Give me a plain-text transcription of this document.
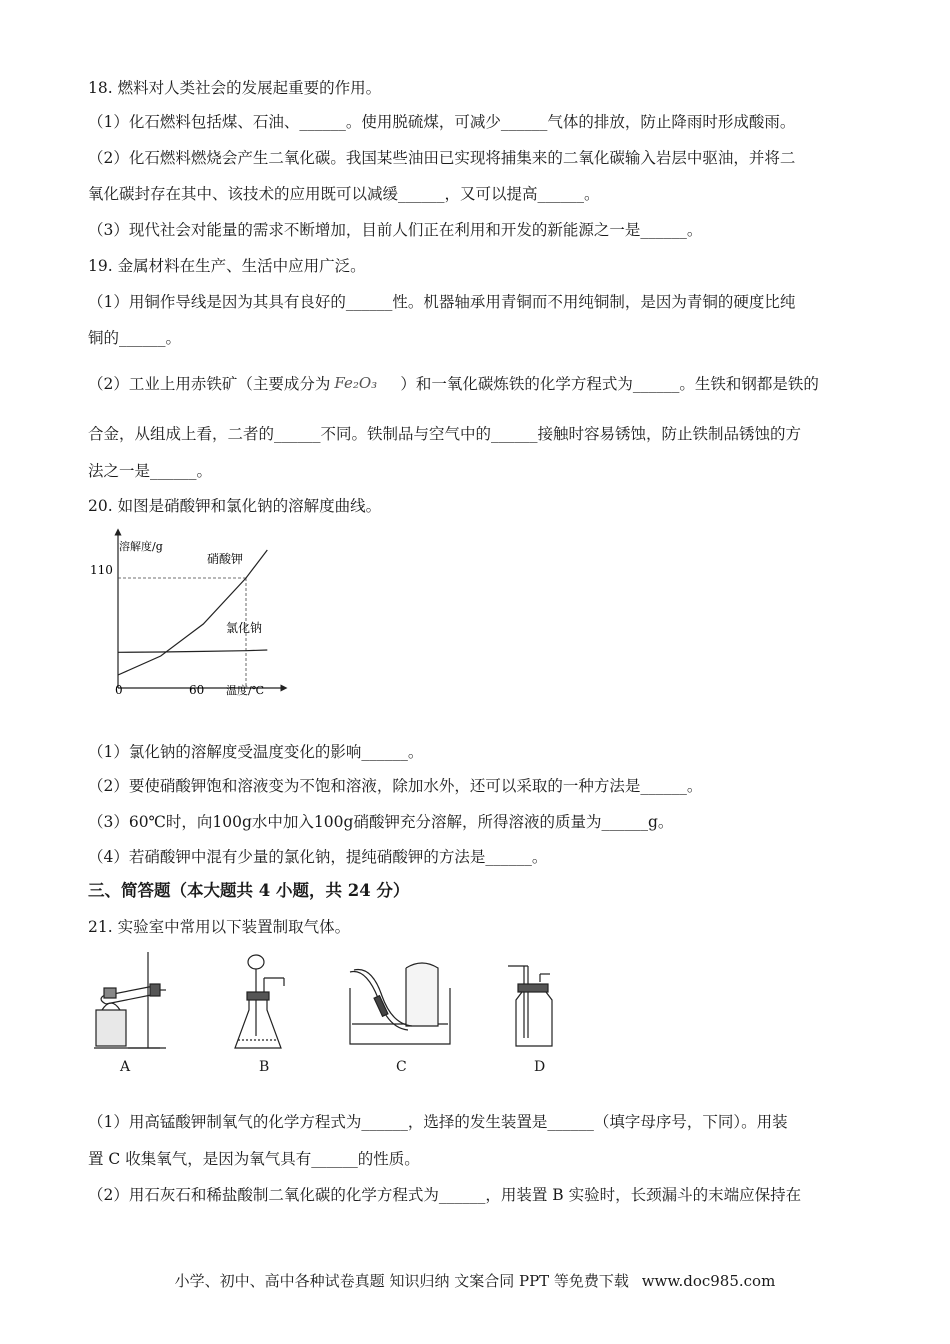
18. 燃料对人类社会的发展起重要的作用。
（1）化石燃料包括煤、石油、______。使用脱硫煤，可减少______气体的排放，防止降雨时形成酸雨。
（2）化石燃料燃烧会产生二氧化碳。我国某些油田已实现将捕集来的二氧化碳输入岩层中驱油，并将二
氧化碳封存在其中、该技术的应用既可以减缓______，又可以提高______。
（3）现代社会对能量的需求不断增加，目前人们正在利用和开发的新能源之一是______。
19. 金属材料在生产、生活中应用广泛。
（1）用铜作导线是因为其具有良好的______性。机器轴承用青铜而不用纯铜制，是因为青铜的硬度比纯
铜的______。
（2）工业上用赤铁矿（主要成分为 Fe₂O₃ ）和一氧化碳炼铁的化学方程式为______。生铁和钢都是铁的
合金，从组成上看，二者的______不同。铁制品与空气中的______接触时容易锈蚀，防止铁制品锈蚀的方
法之一是______。
20. 如图是硝酸钾和氯化钠的溶解度曲线。
溶解度/g
温度/℃
110
0	60
硝酸钾
氯化钠
（1）氯化钠的溶解度受温度变化的影响______。
（2）要使硝酸钾饱和溶液变为不饱和溶液，除加水外，还可以采取的一种方法是______。
（3）60℃时，向100g水中加入100g硝酸钾充分溶解，所得溶液的质量为______g。
（4）若硝酸钾中混有少量的氯化钠，提纯硝酸钾的方法是______。
三、简答题（本大题共 4 小题，共 24 分）
21. 实验室中常用以下装置制取气体。
A	B	C	D
（1）用高锰酸钾制氧气的化学方程式为______，选择的发生装置是______（填字母序号，下同）。用装
置 C 收集氧气，是因为氧气具有______的性质。
（2）用石灰石和稀盐酸制二氧化碳的化学方程式为______，用装置 B 实验时，长颈漏斗的末端应保持在
小学、初中、高中各种试卷真题 知识归纳 文案合同 PPT 等免费下载 www.doc985.com
